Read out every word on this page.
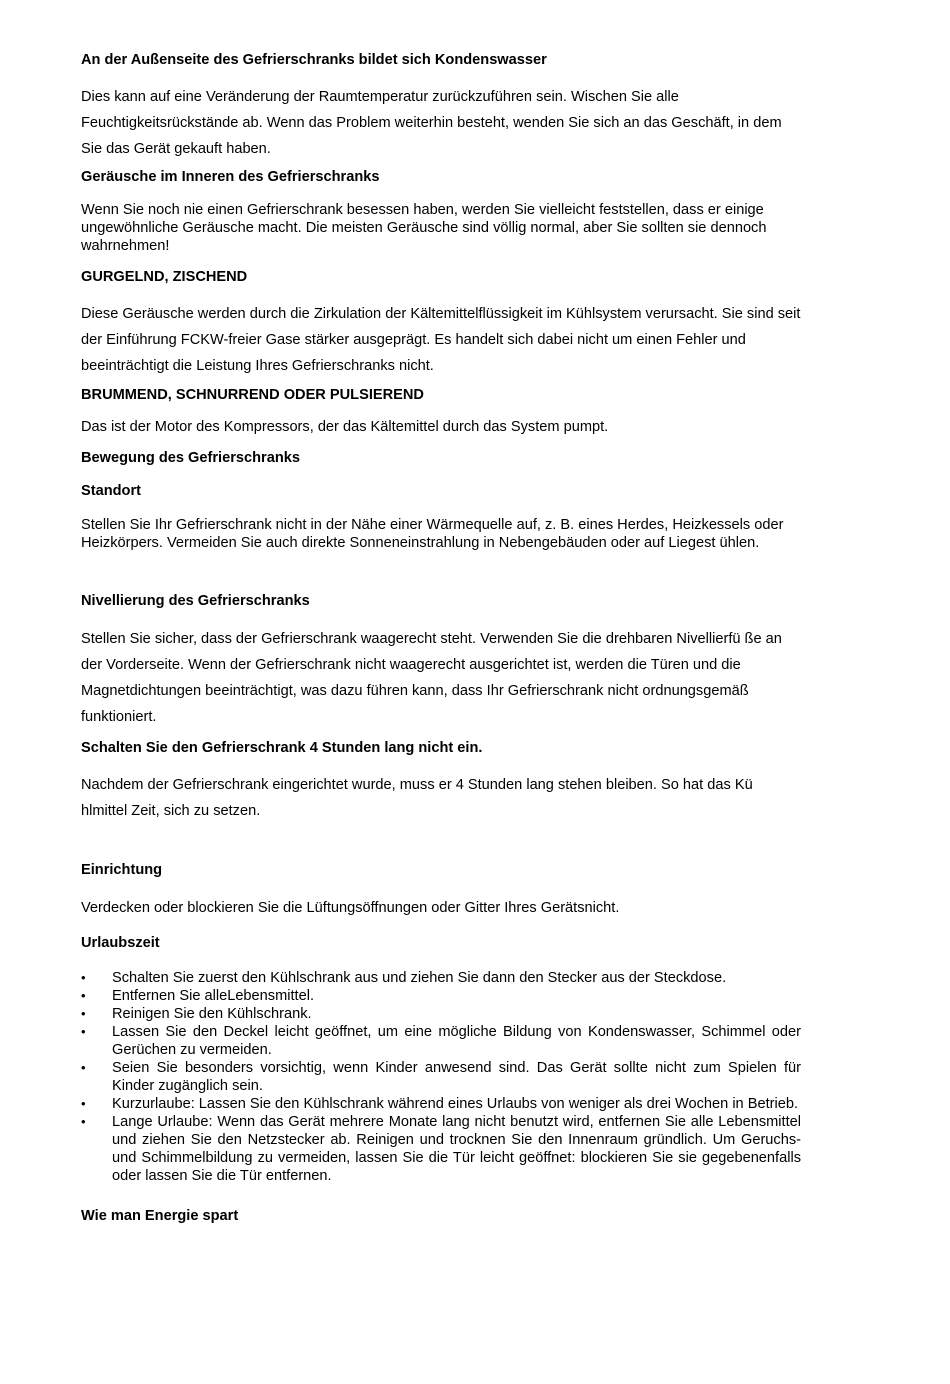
An der Außenseite des Gefrierschranks bildet sich Kondenswasser

Dies kann auf eine Veränderung der Raumtemperatur zurückzuführen sein. Wischen Sie alle Feuchtigkeitsrückstände ab. Wenn das Problem weiterhin besteht, wenden Sie sich an das Geschäft, in dem Sie das Gerät gekauft haben.

Geräusche im Inneren des Gefrierschranks

Wenn Sie noch nie einen Gefrierschrank besessen haben, werden Sie vielleicht feststellen, dass er einige ungewöhnliche Geräusche macht. Die meisten Geräusche sind völlig normal, aber Sie sollten sie dennoch wahrnehmen!

GURGELND, ZISCHEND

Diese Geräusche werden durch die Zirkulation der Kältemittelflüssigkeit im Kühlsystem verursacht. Sie sind seit der Einführung FCKW-freier Gase stärker ausgeprägt. Es handelt sich dabei nicht um einen Fehler und beeinträchtigt die Leistung Ihres Gefrierschranks nicht.

BRUMMEND, SCHNURREND ODER PULSIEREND

Das ist der Motor des Kompressors, der das Kältemittel durch das System pumpt.

Bewegung des Gefrierschranks
Standort

Stellen Sie Ihr Gefrierschrank nicht in der Nähe einer Wärmequelle auf, z. B. eines Herdes, Heizkessels oder Heizkörpers. Vermeiden Sie auch direkte Sonneneinstrahlung in Nebengebäuden oder auf Liegest ühlen.

Nivellierung des Gefrierschranks

Stellen Sie sicher, dass der Gefrierschrank waagerecht steht. Verwenden Sie die drehbaren Nivellierfü ße an der Vorderseite. Wenn der Gefrierschrank nicht waagerecht ausgerichtet ist, werden die Türen und die Magnetdichtungen beeinträchtigt, was dazu führen kann, dass Ihr Gefrierschrank nicht ordnungsgemäß funktioniert.

Schalten Sie den Gefrierschrank 4 Stunden lang nicht ein.

Nachdem der Gefrierschrank eingerichtet wurde, muss er 4 Stunden lang stehen bleiben. So hat das Kü hlmittel Zeit, sich zu setzen.

Einrichtung

Verdecken oder blockieren Sie die Lüftungsöffnungen oder Gitter Ihres Gerätsnicht.

Urlaubszeit
• Schalten Sie zuerst den Kühlschrank aus und ziehen Sie dann den Stecker aus der Steckdose.
• Entfernen Sie alleLebensmittel.
• Reinigen Sie den Kühlschrank.
• Lassen Sie den Deckel leicht geöffnet, um eine mögliche Bildung von Kondenswasser, Schimmel oder Gerüchen zu vermeiden.
• Seien Sie besonders vorsichtig, wenn Kinder anwesend sind. Das Gerät sollte nicht zum Spielen für Kinder zugänglich sein.
• Kurzurlaube: Lassen Sie den Kühlschrank während eines Urlaubs von weniger als drei Wochen in Betrieb.
• Lange Urlaube: Wenn das Gerät mehrere Monate lang nicht benutzt wird, entfernen Sie alle Lebensmittel und ziehen Sie den Netzstecker ab. Reinigen und trocknen Sie den Innenraum gründlich. Um Geruchs- und Schimmelbildung zu vermeiden, lassen Sie die Tür leicht geöffnet: blockieren Sie sie gegebenenfalls oder lassen Sie die Tür entfernen.
Wie man Energie spart
